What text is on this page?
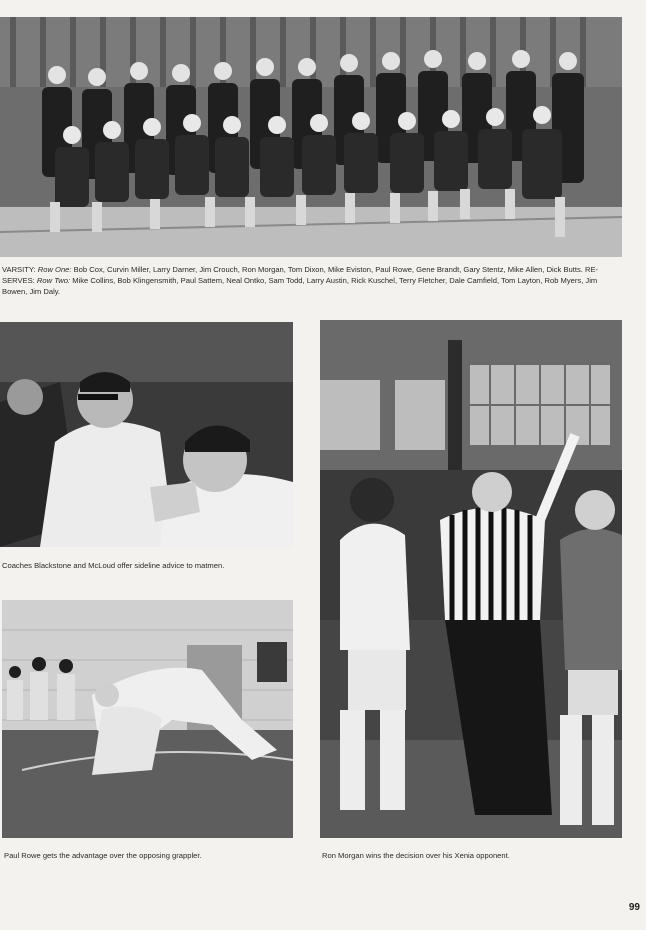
VARSITY: Row One: Bob Cox, Curvin Miller, Larry Darner, Jim Crouch, Ron Morgan, Tom Dixon, Mike Eviston, Paul Rowe, Gene Brandt, Gary Stentz, Mike Allen, Dick Butts. RE-
SERVES: Row Two: Mike Collins, Bob Klingensmith, Paul Sattem, Neal Ontko, Sam Todd, Larry Austin, Rick Kuschel, Terry Fletcher, Dale Camfield, Tom Layton, Rob Myers, Jim
Bowen, Jim Daly.
Coaches Blackstone and McLoud offer sideline advice to matmen.
Paul Rowe gets the advantage over the opposing grappler.	Ron Morgan wins the decision over his Xenia opponent.
99
